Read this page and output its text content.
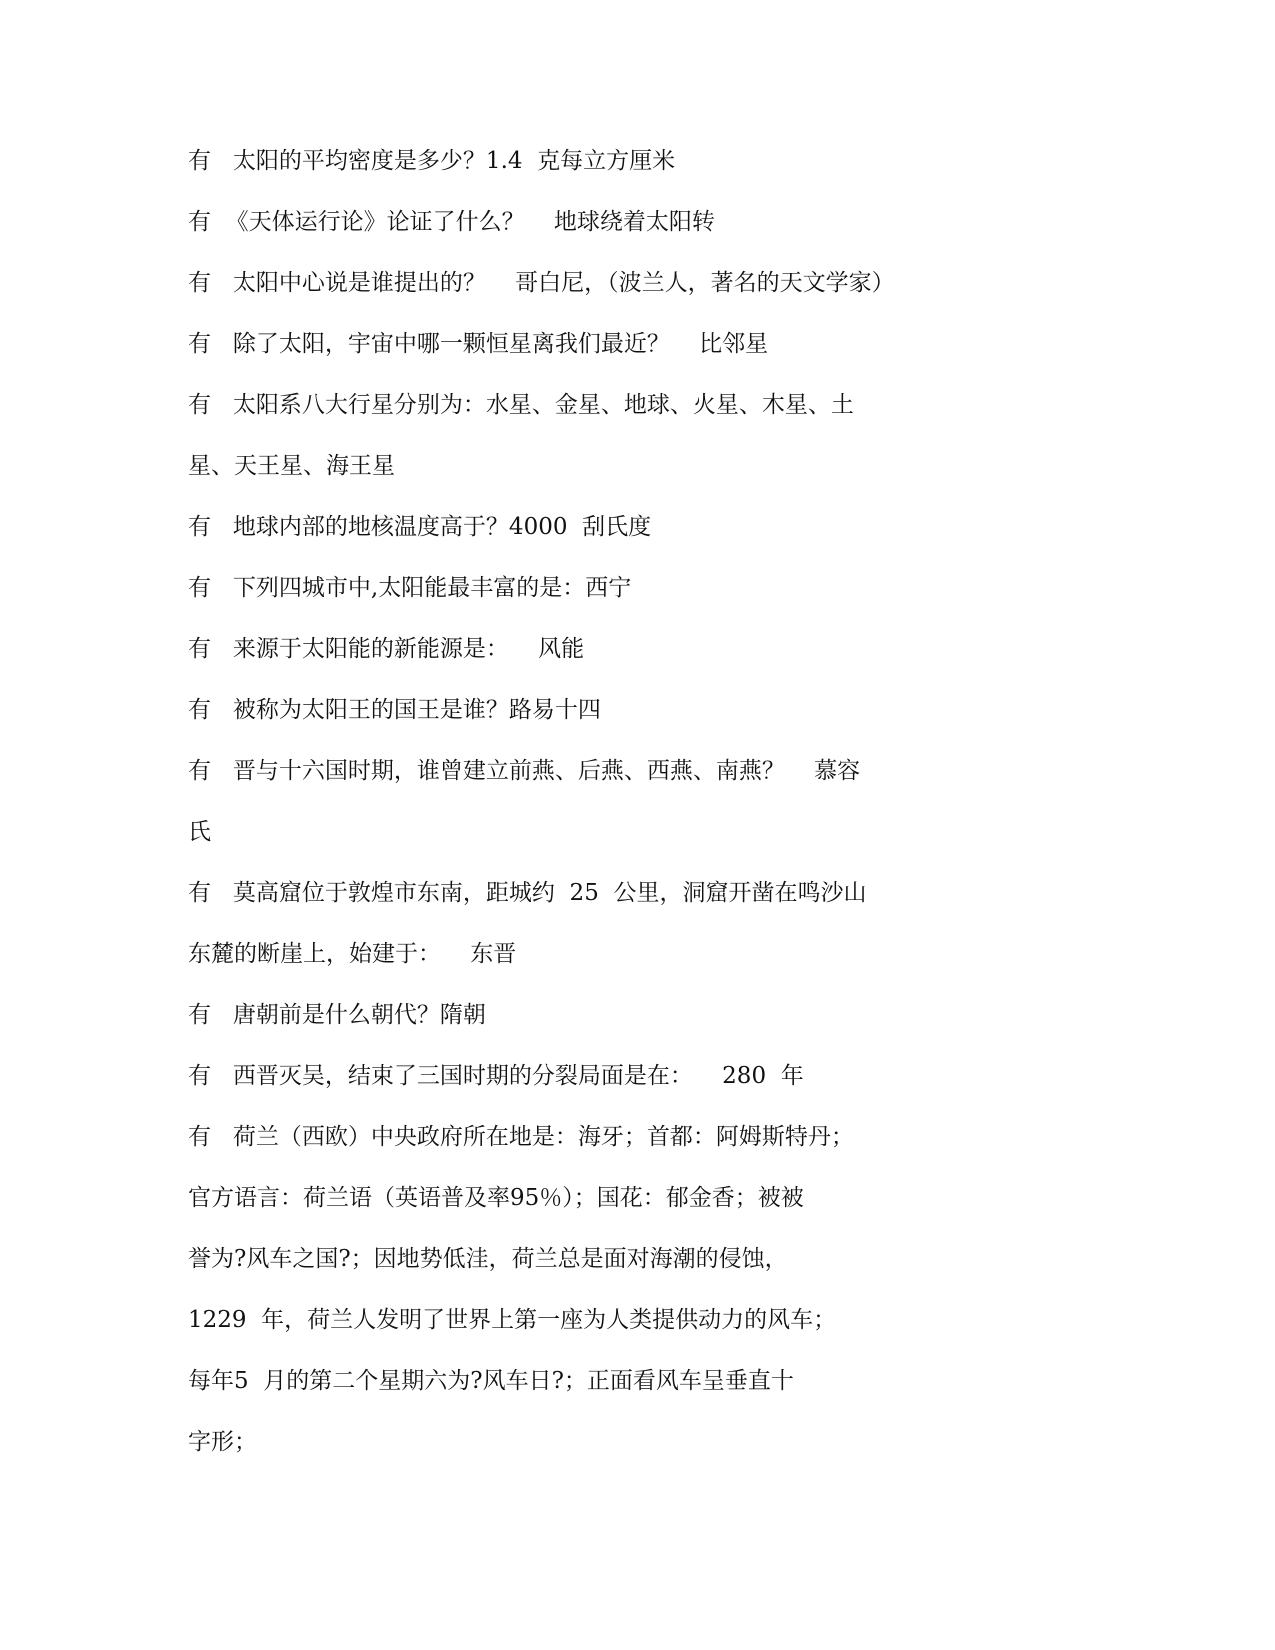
有   太阳的平均密度是多少？1.4  克每立方厘米
有  《天体运行论》论证了什么？    地球绕着太阳转
有   太阳中心说是谁提出的？    哥白尼，（波兰人，著名的天文学家）
有   除了太阳，宇宙中哪一颗恒星离我们最近？    比邻星
有   太阳系八大行星分别为：水星、金星、地球、火星、木星、土
星、天王星、海王星
有   地球内部的地核温度高于？4000  刮氏度
有   下列四城市中,太阳能最丰富的是：西宁
有   来源于太阳能的新能源是：    风能
有   被称为太阳王的国王是谁？路易十四
有   晋与十六国时期，谁曾建立前燕、后燕、西燕、南燕？    慕容
氏
有   莫高窟位于敦煌市东南，距城约  25  公里，洞窟开凿在鸣沙山
东麓的断崖上，始建于：    东晋
有   唐朝前是什么朝代？隋朝
有   西晋灭吴，结束了三国时期的分裂局面是在：    280  年
有   荷兰（西欧）中央政府所在地是：海牙；首都：阿姆斯特丹；
官方语言：荷兰语（英语普及率95％）；国花：郁金香；被被
誉为?风车之国?；因地势低洼，荷兰总是面对海潮的侵蚀，
1229  年，荷兰人发明了世界上第一座为人类提供动力的风车；
每年5  月的第二个星期六为?风车日?；正面看风车呈垂直十
字形；
